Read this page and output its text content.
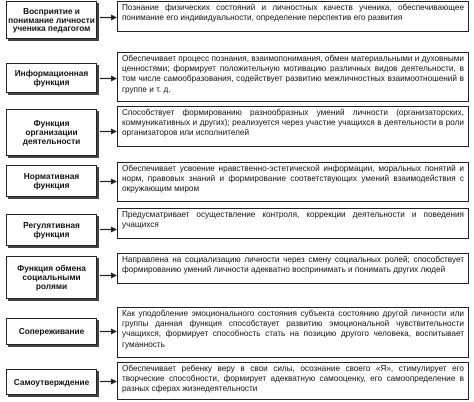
Восприятие и понимание личности ученика педагогом
Познание физических состояний и личностных качеств ученика, обеспечивающее понимание его индивидуальности, определение перспектив его развития
Информационная функция
Обеспечивает процесс познания, взаимопонимания, обмен материальными и духовными ценностями; формирует положительную мотивацию различных видов деятельности, в том числе самообразования, содействует развитию межличностных взаимоотношений в группе и т. д.
Функция организации деятельности
Способствует формированию разнообразных умений личности (организаторских, коммуникативных и других); реализуется через участие учащихся в деятельности в роли организаторов или исполнителей
Нормативная функция
Обеспечивает усвоение нравственно-эстетической информации, моральных понятий и норм, правовых знаний и формирование соответствующих умений взаимодействия с окружающим миром
Регулятивная функция
Предусматривает осуществление контроля, коррекции деятельности и поведения учащихся
Функция обмена социальными ролями
Направлена на социализацию личности через смену социальных ролей; способствует формированию умений личности адекватно воспринимать и понимать других людей
Сопереживание
Как уподобление эмоционального состояния субъекта состоянию другой личности или группы данная функция способствует развитию эмоциональной чувствительности учащихся, формирует способность стать на позицию другого человека, воспитывает гуманность
Самоутверждение
Обеспечивает ребенку веру в свои силы, осознание своего «Я», стимулирует его творческие способности, формирует адекватную самооценку, его самоопределение в разных сферах жизнедеятельности
